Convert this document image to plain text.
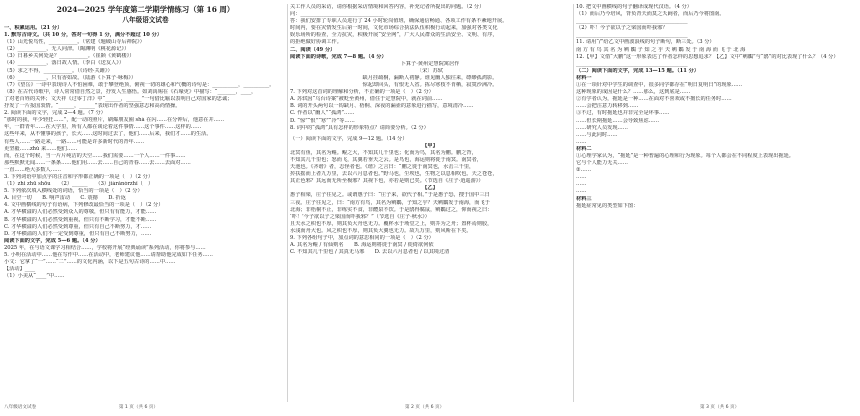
2024—2025 学年度第二学期学情练习（第 16 周）

八年级语文试卷

一、积累运用。（21 分）

1. 默写古诗文。（共 10 分，答对一句得 1 分，满分不超过 10 分）

（1）山光悦鸟性，___________。（常建《题破山寺后禅院》）

（2）___________，无人问津。（陶渊明《桃花源记》）

（3）日暮乡关何处是？___________。（崔颢《黄鹤楼》）

（4）___________，落日故人情。（李白《送友人》）

（5）求之不得，___________。（《诗经·关雎》）

（6）___________，只有香如故。（陆游《卜算子·咏梅》）

（7）《望岳》一诗中表现诗人不怕困难，敢于攀登绝顶，俯视一切的雄心和气概的诗句是：__________，__________。

（8）在古代诗歌中，诗人常常借自然之景，抒发人生感悟。如刘禹锡在《石壕吏》中描写：“_______，____，

了对老百姓的关怀；文天祥《过零丁洋》中“______，______”一句借比喻以表明自己对国家的忠诚；

抒发了一片报国衷情。“______，______”表现出作者的坚强意志和高尚情操。

2. 阅读下面的文字，完成 2—4 题。（7 分）

“那时的我，年少轻狂……”，配一动的照片，刷爆朋友圈 shà 在闪……在分钟后，他意在并……

年，一群青年……在大学里，所有人都在谈论着这件事情……这个事件……这样的……

这些年来，从不懂事的孩子，长大……这时间过去了，他们……后来，我们才……的生活。

有些人……一路走来，一路……可能是许多新时代的青年……

更坚毅……zhǔ 来……他们……

而，在这个时候，当一片片纯洁的天空……我们需要……一个人……一件事……

那些默默无闻……一条条……他们用……去……自己的青春……去……去面对……

一直……绝大多数人……

3. 下列词语中加点字的注音和字形都正确的一项是（　）（2 分）

（1）zhǐ zhū shōu　　（2）______　　（3）jiàrǎnòrzhǐ（　）

5. 下列依次填入横线处的词语，恰当的一项是（　）（2 分）

A. 目空一切　　B. 响声雷动　　C. 震撼　　D. 折返

4. 文中画横线的句子有语病，下列修改最恰当的一项是（　）（2 分）

A. 才华横溢的人们必然受到众人的尊敬，但只有有能力，才能……

B. 才华横溢的人们必然受到重视，但只有不断学习，才能不断……

C. 才华横溢的人们必然受到尊重，但只有自己不断努力，才……

D. 才华横溢的人们不一定受到尊重，但只有自己不断努力，……

阅读下面的文字，完成 5—6 题。（4 分）

2025 年，在与语文课学习相结合……，学校将开展“经典诵读”系列活动，你将参与……

5. 小明在活动中……他在写作中……在活动中，老师建议他……请帮助他完成如下任务……

小文：它拿了“一”……“二”……的文化内涵，以下是五句古诗的……中……

【活动】____

（1）小美从“____”中……

关工作人员的采访，请你根据采访情境和回答内容，补充记者所提出的问题。（2 分）

问：________________________________

答：我们安排了专职人员进行了 24 小时轮岗值班，确保通信畅通、各项工作有条不紊地开展。

时间内，要在灾情发生后第一时间，文化市场综合执法队伍积极行动起来，加强对各类文化

娱乐场所的检查，全力抗灾，积极开展“安全网”，广大人民群众的生活安全、文明、有序，

的拒绝做好协调工作。

二、阅读（49 分）

阅读下面的诗歌，完成 7—8 题。（4 分）

卜算子·黄州定慧院寓居作

〔宋〕苏轼

缺月挂疏桐，漏断人初静。谁见幽人独往来，缥缈孤鸿影。

惊起却回头，有恨无人省。拣尽寒枝不肯栖，寂寞沙洲冷。

7. 下列对这首词的理解和分析，不正确的一项是（　）（2 分）

A. 苏轼因“乌台诗案”被贬至黄州，借住于定慧院中，就在词前……

B. 词的开头两句以一钩缺月、梧桐、深夜的漏壶的意象进行描写，意境清冷……

C. 作者以“幽人”“孤鸿”……

D. “惊”“恨”“寒”“冷”等……

8. 词中的“孤鸿”具有怎样的形象特点？请简要分析。（2 分）

（一）阅读下面的文字，完成 9—12 题。（14 分）

【甲】

北冥有鱼，其名为鲲。鲲之大，不知其几千里也；化而为鸟，其名为鹏。鹏之背，

不知其几千里也；怒而飞，其翼若垂天之云。是鸟也，海运则将徙于南冥。南冥者，

天池也。《齐谐》者，志怪者也。《谐》之言曰：“鹏之徙于南冥也，水击三千里，

抟扶摇而上者九万里，去以六月息者也。”野马也，尘埃也，生物之以息相吹也。天之苍苍，

其正色邪？其远而无所至极邪？其视下也，亦若是则已矣。（节选自《庄子·逍遥游》）

【乙】

惠子相梁，庄子往见之。或谓惠子曰：“庄子来，欲代子相。”于是惠子恐，搜于国中三日

三夜。庄子往见之，曰：“南方有鸟，其名为鹓鶵，子知之乎？夫鹓鶵发于南海，而飞于

北海；非梧桐不止，非练实不食，非醴泉不饮。于是鸱得腐鼠，鹓鶵过之，仰而视之曰：

‘吓！’今子欲以子之梁国而吓我邪？”（节选自《庄子·秋水》）

且夫水之积也不厚，则其负大舟也无力。覆杯水于坳堂之上，则芥为之舟；置杯焉则胶，

水浅而舟大也。风之积也不厚，则其负大翼也无力。故九万里，则风斯在下矣。

9. 下列各组句子中，加点词的意思相同的一项是（　）（2 分）

A. 其名为鲲 / 有仙则名　　B. 海运则将徙于南冥 / 徙倚欲何依

C. 不知其几千里也 / 其真无马邪　　D. 去以六月息者也 / 以其境过清

10. 把文中画横线的句子翻译成现代汉语。（4 分）

（1）而后乃今培风，背负青天而莫之夭阏者，而后乃今将图南。

___________________________________________

（2）吓！今子欲以子之梁国而吓我邪？

___________________________________________

11. 请用“/”给乙文中画波浪线的句子断句，断三处。（3 分）

南 方 有 鸟 其 名 为 鹓 鶵 子 知 之 乎 夫 鹓 鶵 发 于 南 海 而 飞 于 北 海

12.【甲】文借“大鹏”这一形象表达了作者怎样的思想追求？【乙】文中“鹓鶵”与“鸱”的对比表现了什么？（4 分）

___________________________________________

（二）阅读下面的文字，完成 13—15 题。（11 分）

材料一

①在一项针对中学生的调查中，很多同学都存在“明日复明日”的现象……

这种现象的成因是什么？……那么，这到底是……

②有学者认为，拖延是一种……在面对不喜欢或不擅长的任务时……

……会把注意力转移到……

③不过，有时拖延也并非完全是坏事……

……但长期拖延……会导致焦虑……

……研究人员发现……

……与此同时……

……

材料二

①心理学家认为，“拖延”是一种普遍的心理和行为现象。每个人都会在不同程度上表现出拖延。

它与个人能力无关……

②……

……

……

……

材料三

拖延症常见的类型如下图：

八年级语文试卷　　　　　　　　　　　　　　　　　　第 1 页（共 6 页）	第 2 页（共 6 页）	第 3 页（共 6 页）
